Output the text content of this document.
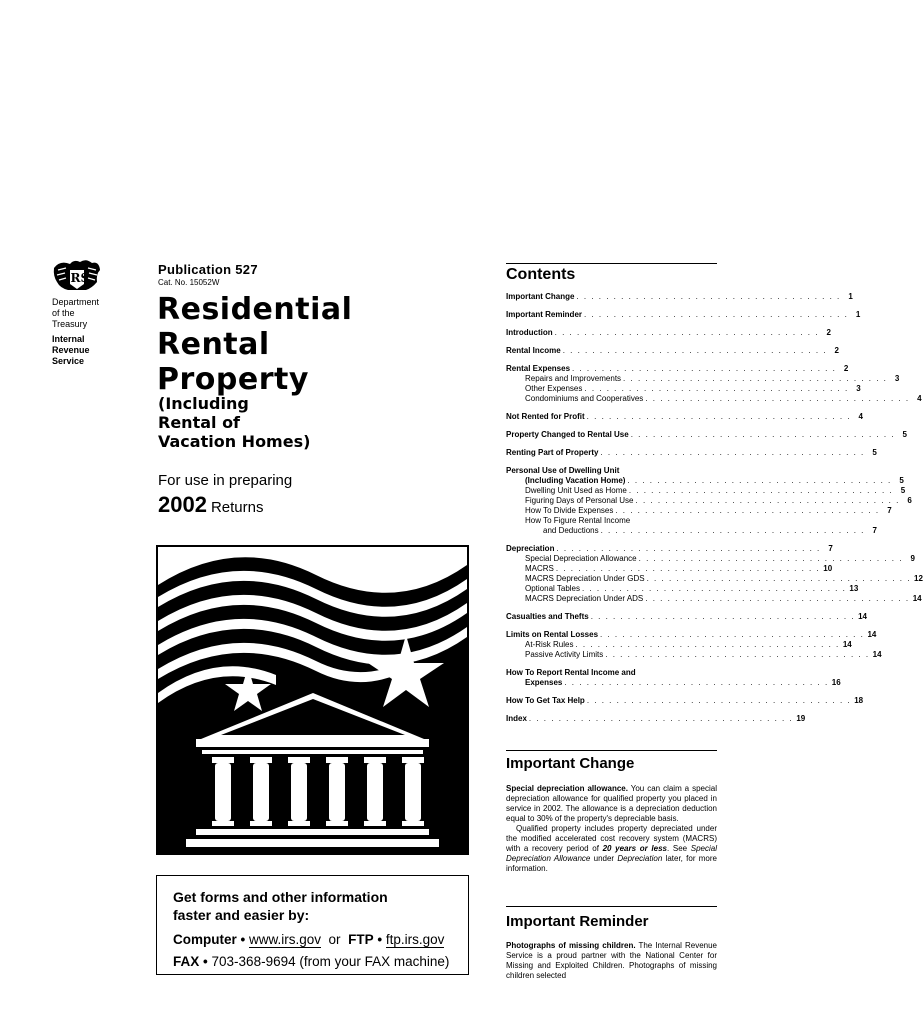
IRS
Department
of the
Treasury
Internal
Revenue
Service
Publication 527
Cat. No. 15052W
Residential
Rental
Property
(Including
Rental of
Vacation Homes)
For use in preparing
2002 Returns
Get forms and other information
faster and easier by:
Computer • www.irs.gov or FTP • ftp.irs.gov
FAX • 703-368-9694 (from your FAX machine)
Contents
Important Change . . . . . . . . . . . . . . . . . . . . . . . . . . . . . . . . . . . . 1
Important Reminder . . . . . . . . . . . . . . . . . . . . . . . . . . . . . . . . . . . . 1
Introduction . . . . . . . . . . . . . . . . . . . . . . . . . . . . . . . . . . . . 2
Rental Income . . . . . . . . . . . . . . . . . . . . . . . . . . . . . . . . . . . . 2
Rental Expenses . . . . . . . . . . . . . . . . . . . . . . . . . . . . . . . . . . . . 2
Repairs and Improvements . . . . . . . . . . . . . . . . . . . . . . . . . . . . . . . . . . . . 3
Other Expenses . . . . . . . . . . . . . . . . . . . . . . . . . . . . . . . . . . . . 3
Condominiums and Cooperatives . . . . . . . . . . . . . . . . . . . . . . . . . . . . . . . . . . . . 4
Not Rented for Profit . . . . . . . . . . . . . . . . . . . . . . . . . . . . . . . . . . . . 4
Property Changed to Rental Use . . . . . . . . . . . . . . . . . . . . . . . . . . . . . . . . . . . . 5
Renting Part of Property . . . . . . . . . . . . . . . . . . . . . . . . . . . . . . . . . . . . 5
Personal Use of Dwelling Unit
(Including Vacation Home) . . . . . . . . . . . . . . . . . . . . . . . . . . . . . . . . . . . . 5
Dwelling Unit Used as Home . . . . . . . . . . . . . . . . . . . . . . . . . . . . . . . . . . . . 5
Figuring Days of Personal Use . . . . . . . . . . . . . . . . . . . . . . . . . . . . . . . . . . . . 6
How To Divide Expenses . . . . . . . . . . . . . . . . . . . . . . . . . . . . . . . . . . . . 7
How To Figure Rental Income
and Deductions . . . . . . . . . . . . . . . . . . . . . . . . . . . . . . . . . . . . 7
Depreciation . . . . . . . . . . . . . . . . . . . . . . . . . . . . . . . . . . . . 7
Special Depreciation Allowance . . . . . . . . . . . . . . . . . . . . . . . . . . . . . . . . . . . . 9
MACRS . . . . . . . . . . . . . . . . . . . . . . . . . . . . . . . . . . . . 10
MACRS Depreciation Under GDS . . . . . . . . . . . . . . . . . . . . . . . . . . . . . . . . . . . . 12
Optional Tables . . . . . . . . . . . . . . . . . . . . . . . . . . . . . . . . . . . . 13
MACRS Depreciation Under ADS . . . . . . . . . . . . . . . . . . . . . . . . . . . . . . . . . . . . 14
Casualties and Thefts . . . . . . . . . . . . . . . . . . . . . . . . . . . . . . . . . . . . 14
Limits on Rental Losses . . . . . . . . . . . . . . . . . . . . . . . . . . . . . . . . . . . . 14
At-Risk Rules . . . . . . . . . . . . . . . . . . . . . . . . . . . . . . . . . . . . 14
Passive Activity Limits . . . . . . . . . . . . . . . . . . . . . . . . . . . . . . . . . . . . 14
How To Report Rental Income and
Expenses . . . . . . . . . . . . . . . . . . . . . . . . . . . . . . . . . . . . 16
How To Get Tax Help . . . . . . . . . . . . . . . . . . . . . . . . . . . . . . . . . . . . 18
Index . . . . . . . . . . . . . . . . . . . . . . . . . . . . . . . . . . . . 19
Important Change

Special depreciation allowance. You can claim a special depreciation allowance for qualified property you placed in service in 2002. The allowance is a depreciation deduction equal to 30% of the property's depreciable basis.

Qualified property includes property depreciated under the modified accelerated cost recovery system (MACRS) with a recovery period of 20 years or less. See Special Depreciation Allowance under Depreciation later, for more information.

Important Reminder

Photographs of missing children. The Internal Revenue Service is a proud partner with the National Center for Missing and Exploited Children. Photographs of missing children selected
